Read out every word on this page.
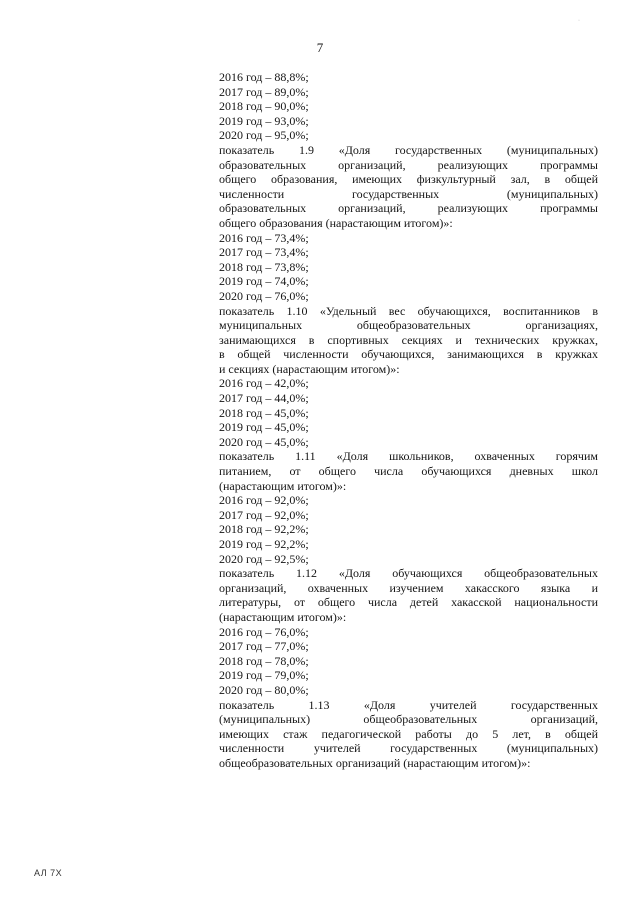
·
7
2016 год – 88,8%;
2017 год – 89,0%;
2018 год – 90,0%;
2019 год – 93,0%;
2020 год – 95,0%;
показатель 1.9 «Доля государственных (муниципальных)
образовательных организаций, реализующих программы
общего образования, имеющих физкультурный зал, в общей
численности государственных (муниципальных)
образовательных организаций, реализующих программы
общего образования (нарастающим итогом)»:
2016 год – 73,4%;
2017 год – 73,4%;
2018 год – 73,8%;
2019 год – 74,0%;
2020 год – 76,0%;
показатель 1.10 «Удельный вес обучающихся, воспитанников в
муниципальных общеобразовательных организациях,
занимающихся в спортивных секциях и технических кружках,
в общей численности обучающихся, занимающихся в кружках
и секциях (нарастающим итогом)»:
2016 год – 42,0%;
2017 год – 44,0%;
2018 год – 45,0%;
2019 год – 45,0%;
2020 год – 45,0%;
показатель 1.11 «Доля школьников, охваченных горячим
питанием, от общего числа обучающихся дневных школ
(нарастающим итогом)»:
2016 год – 92,0%;
2017 год – 92,0%;
2018 год – 92,2%;
2019 год – 92,2%;
2020 год – 92,5%;
показатель 1.12 «Доля обучающихся общеобразовательных
организаций, охваченных изучением хакасского языка и
литературы, от общего числа детей хакасской национальности
(нарастающим итогом)»:
2016 год – 76,0%;
2017 год – 77,0%;
2018 год – 78,0%;
2019 год – 79,0%;
2020 год – 80,0%;
показатель 1.13 «Доля учителей государственных
(муниципальных) общеобразовательных организаций,
имеющих стаж педагогической работы до 5 лет, в общей
численности учителей государственных (муниципальных)
общеобразовательных организаций (нарастающим итогом)»:
АЛ 7Х
